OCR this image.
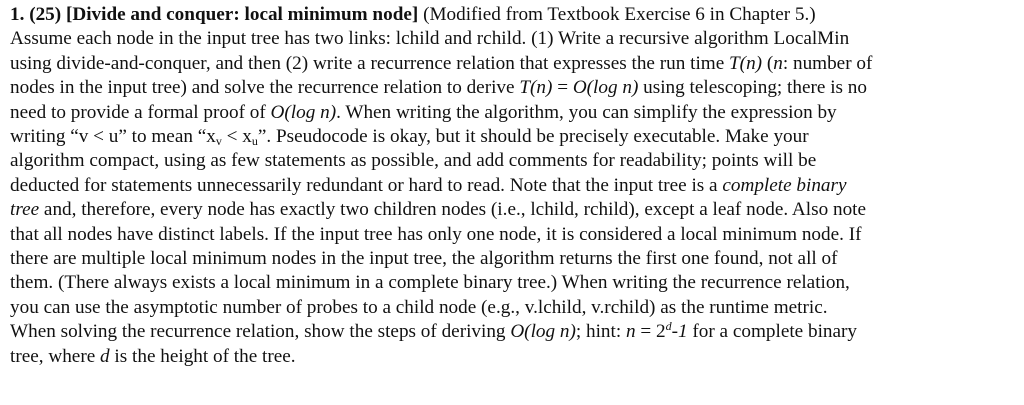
1. (25) [Divide and conquer: local minimum node] (Modified from Textbook Exercise 6 in Chapter 5.)
Assume each node in the input tree has two links: lchild and rchild. (1) Write a recursive algorithm LocalMin
using divide-and-conquer, and then (2) write a recurrence relation that expresses the run time T(n) (n: number of
nodes in the input tree) and solve the recurrence relation to derive T(n) = O(log n) using telescoping; there is no
need to provide a formal proof of O(log n). When writing the algorithm, you can simplify the expression by
writing “v < u” to mean “$x_v < x_u$”. Pseudocode is okay, but it should be precisely executable. Make your
algorithm compact, using as few statements as possible, and add comments for readability; points will be
deducted for statements unnecessarily redundant or hard to read. Note that the input tree is a complete binary
tree and, therefore, every node has exactly two children nodes (i.e., lchild, rchild), except a leaf node. Also note
that all nodes have distinct labels. If the input tree has only one node, it is considered a local minimum node. If
there are multiple local minimum nodes in the input tree, the algorithm returns the first one found, not all of
them. (There always exists a local minimum in a complete binary tree.) When writing the recurrence relation,
you can use the asymptotic number of probes to a child node (e.g., v.lchild, v.rchild) as the runtime metric.
When solving the recurrence relation, show the steps of deriving O(log n); hint: $n = 2^d-1$ for a complete binary
tree, where d is the height of the tree.
